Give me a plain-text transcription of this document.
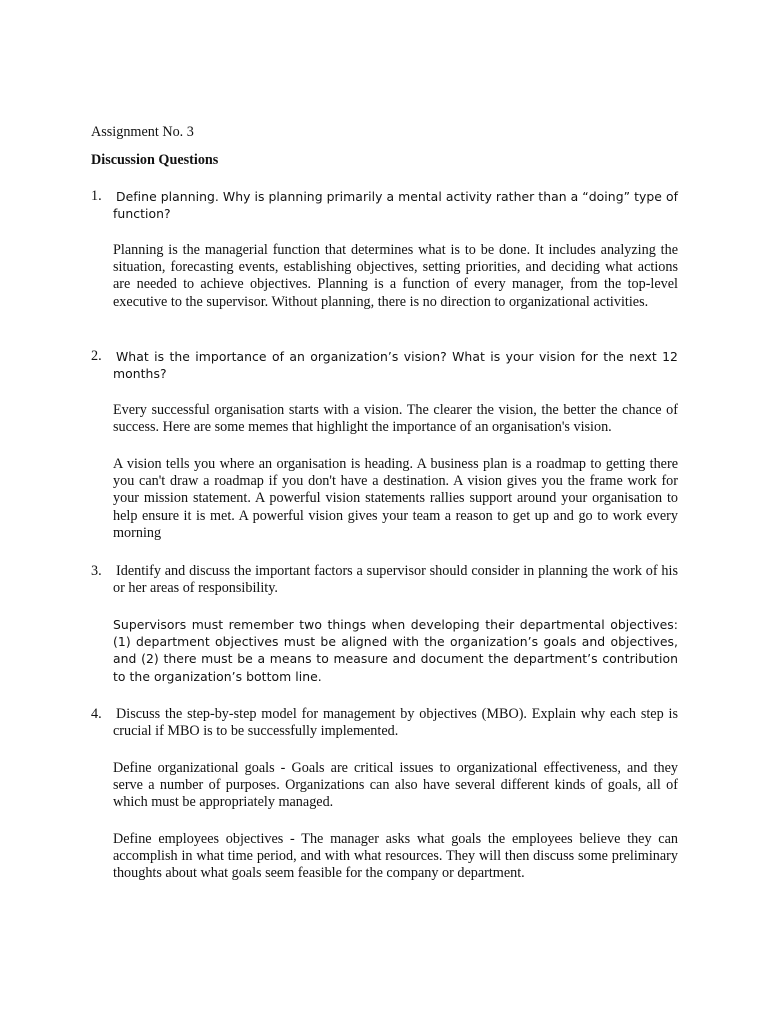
Assignment No. 3
Discussion Questions
1. Define planning. Why is planning primarily a mental activity rather than a “doing” type of function?

Planning is the managerial function that determines what is to be done. It includes analyzing the situation, forecasting events, establishing objectives, setting priorities, and deciding what actions are needed to achieve objectives. Planning is a function of every manager, from the top-level executive to the supervisor. Without planning, there is no direction to organizational activities.

2. What is the importance of an organization’s vision? What is your vision for the next 12 months?

Every successful organisation starts with a vision. The clearer the vision, the better the chance of success. Here are some memes that highlight the importance of an organisation's vision.

A vision tells you where an organisation is heading. A business plan is a roadmap to getting there you can't draw a roadmap if you don't have a destination. A vision gives you the frame work for your mission statement. A powerful vision statements rallies support around your organisation to help ensure it is met. A powerful vision gives your team a reason to get up and go to work every morning

3. Identify and discuss the important factors a supervisor should consider in planning the work of his or her areas of responsibility.

Supervisors must remember two things when developing their departmental objectives: (1) department objectives must be aligned with the organization’s goals and objectives, and (2) there must be a means to measure and document the department’s contribution to the organization’s bottom line.

4. Discuss the step-by-step model for management by objectives (MBO). Explain why each step is crucial if MBO is to be successfully implemented.

Define organizational goals - Goals are critical issues to organizational effectiveness, and they serve a number of purposes. Organizations can also have several different kinds of goals, all of which must be appropriately managed.

Define employees objectives - The manager asks what goals the employees believe they can accomplish in what time period, and with what resources. They will then discuss some preliminary thoughts about what goals seem feasible for the company or department.
